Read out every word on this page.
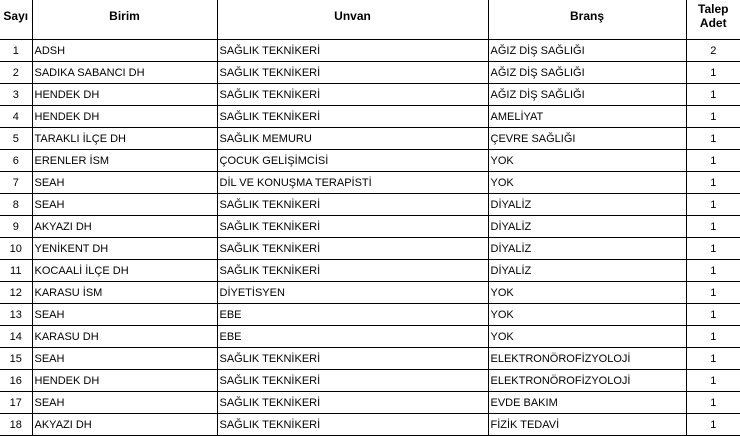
Sayı	Birim	Unvan	Branş	Talep Adet
1	ADSH	SAĞLIK TEKNİKERİ	AĞIZ DİŞ SAĞLIĞI	2
2	SADIKA SABANCI DH	SAĞLIK TEKNİKERİ	AĞIZ DİŞ SAĞLIĞI	1
3	HENDEK DH	SAĞLIK TEKNİKERİ	AĞIZ DİŞ SAĞLIĞI	1
4	HENDEK DH	SAĞLIK TEKNİKERİ	AMELİYAT	1
5	TARAKLI İLÇE DH	SAĞLIK MEMURU	ÇEVRE SAĞLIĞI	1
6	ERENLER İSM	ÇOCUK GELİŞİMCİSİ	YOK	1
7	SEAH	DİL VE KONUŞMA TERAPİSTİ	YOK	1
8	SEAH	SAĞLIK TEKNİKERİ	DİYALİZ	1
9	AKYAZI DH	SAĞLIK TEKNİKERİ	DİYALİZ	1
10	YENİKENT DH	SAĞLIK TEKNİKERİ	DİYALİZ	1
11	KOCAALİ İLÇE DH	SAĞLIK TEKNİKERİ	DİYALİZ	1
12	KARASU İSM	DİYETİSYEN	YOK	1
13	SEAH	EBE	YOK	1
14	KARASU DH	EBE	YOK	1
15	SEAH	SAĞLIK TEKNİKERİ	ELEKTRONÖROFİZYOLOJİ	1
16	HENDEK DH	SAĞLIK TEKNİKERİ	ELEKTRONÖROFİZYOLOJİ	1
17	SEAH	SAĞLIK TEKNİKERİ	EVDE BAKIM	1
18	AKYAZI DH	SAĞLIK TEKNİKERİ	FİZİK TEDAVİ	1
